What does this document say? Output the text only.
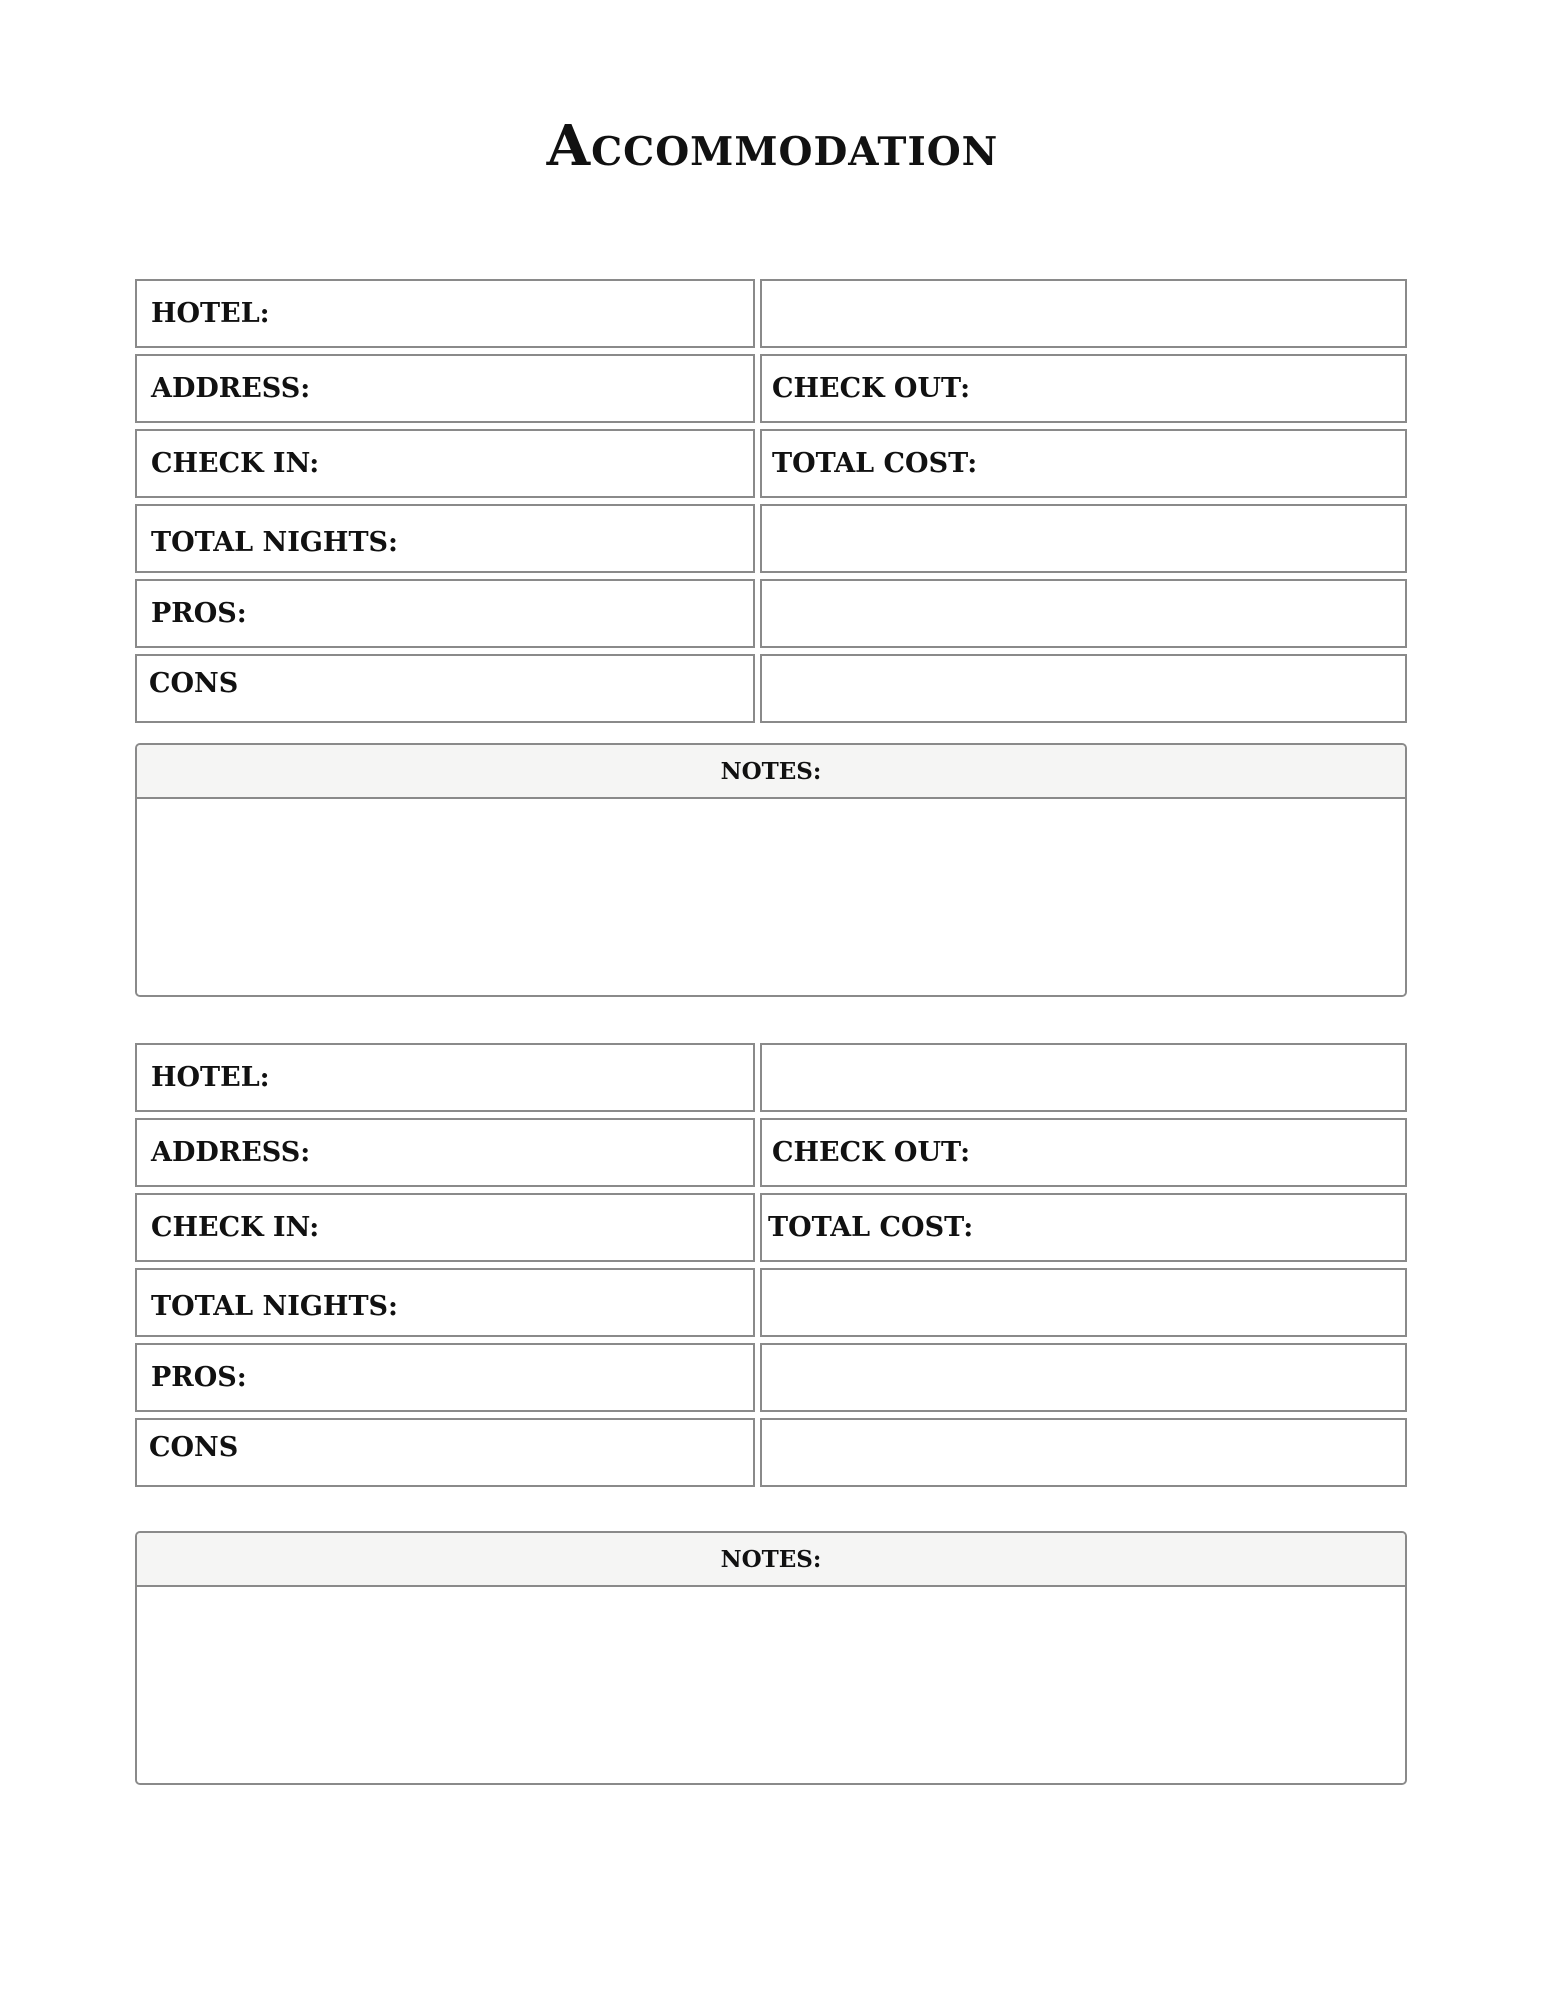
Accommodation
HOTEL:
ADDRESS:	CHECK OUT:
CHECK IN:	TOTAL COST:
TOTAL NIGHTS:
PROS:
CONS
NOTES:
HOTEL:
ADDRESS:	CHECK OUT:
CHECK IN:	TOTAL COST:
TOTAL NIGHTS:
PROS:
CONS
NOTES:
